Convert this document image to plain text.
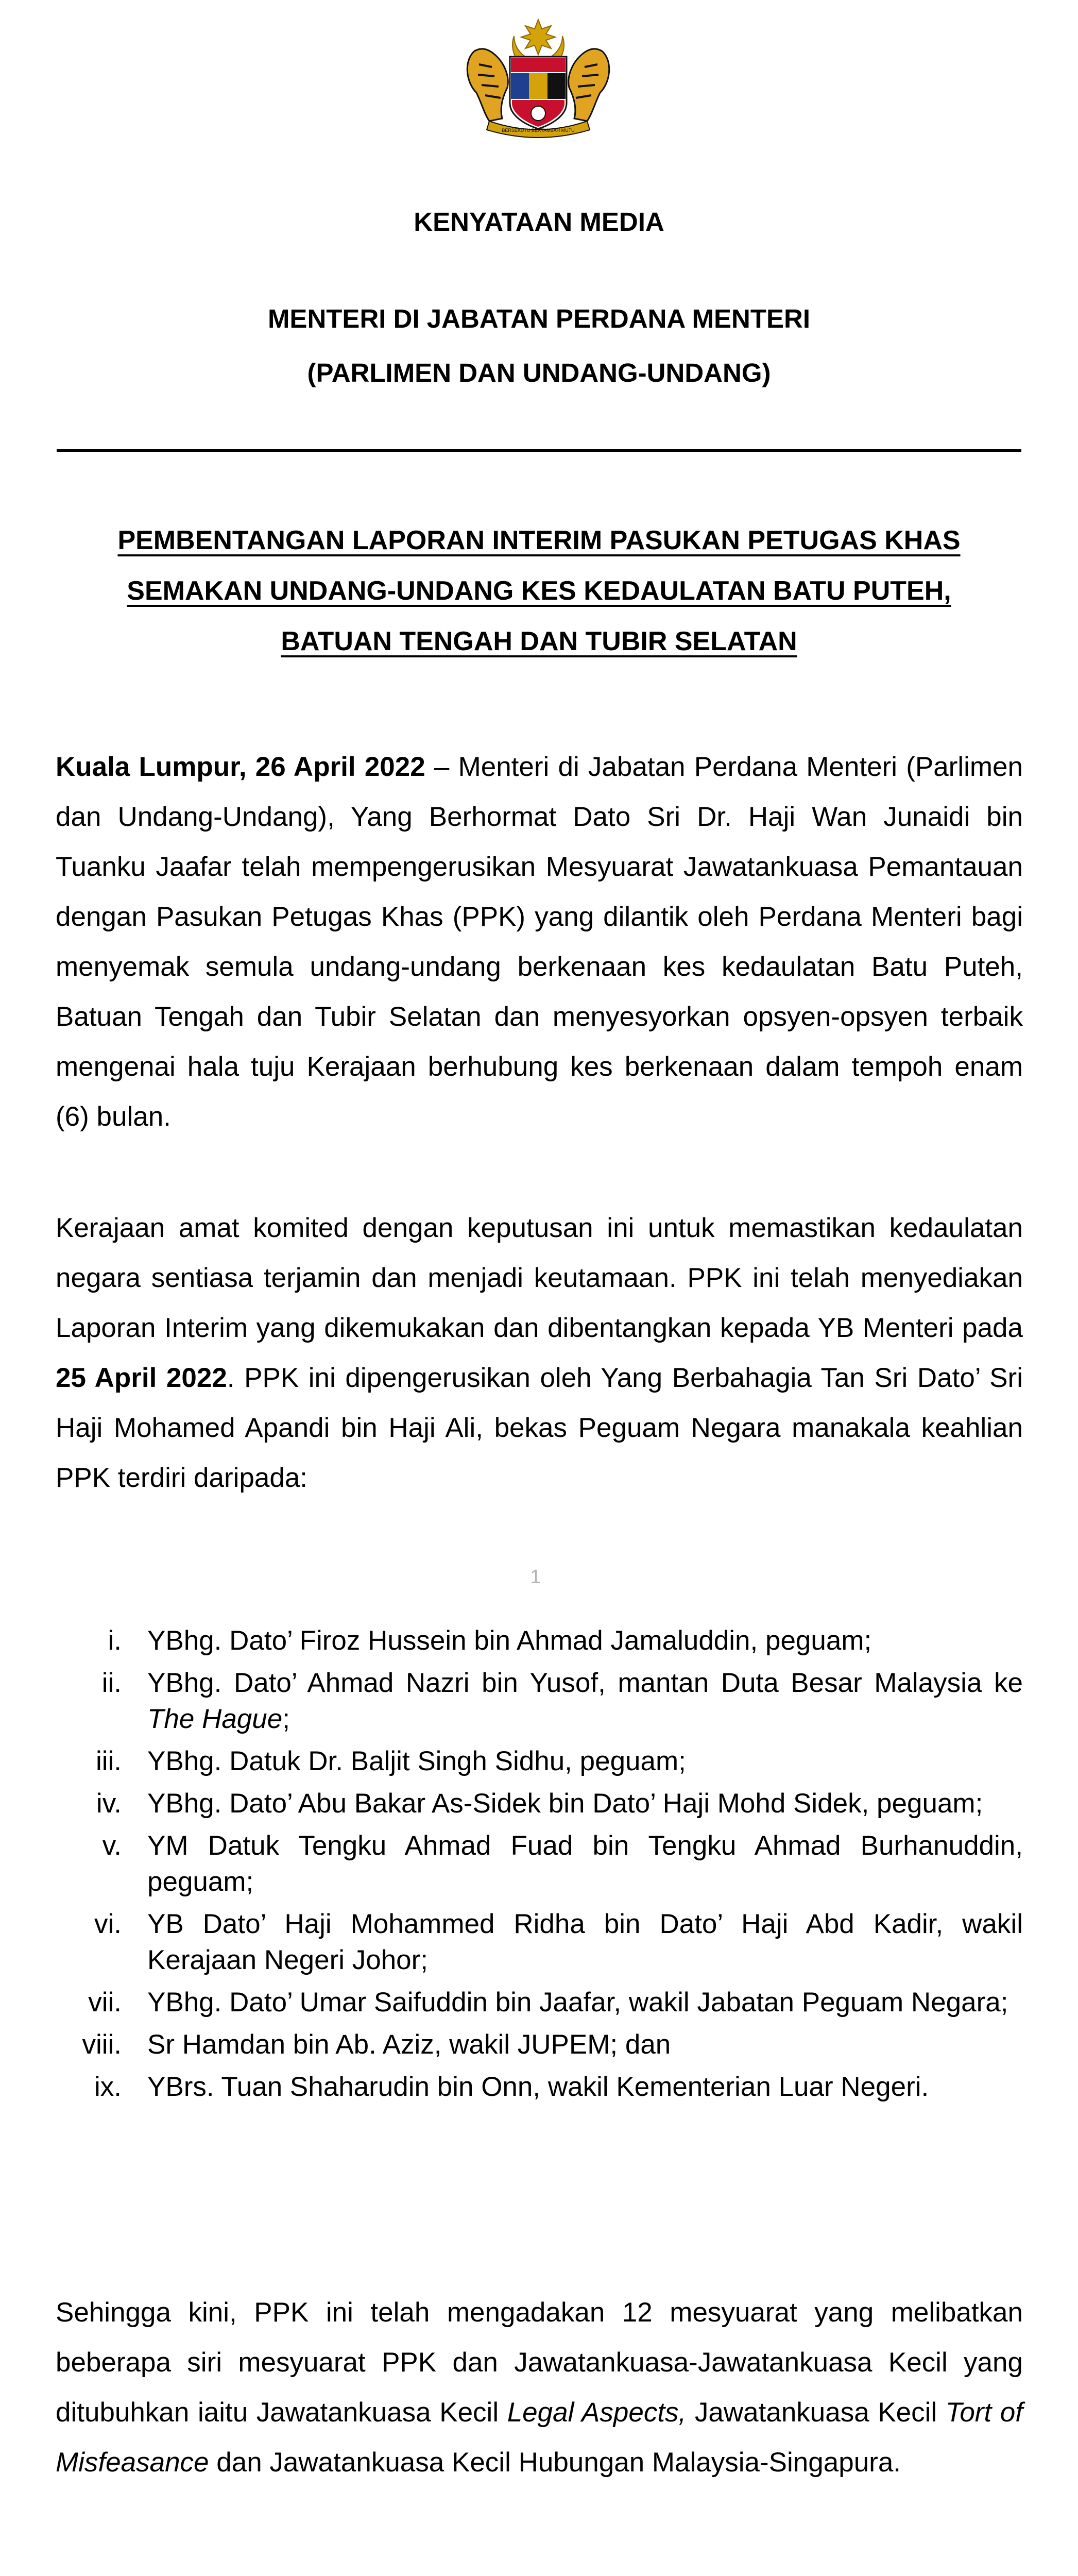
BERSEKUTU BERTAMBAH MUTU
KENYATAAN MEDIA
MENTERI DI JABATAN PERDANA MENTERI
(PARLIMEN DAN UNDANG-UNDANG)
PEMBENTANGAN LAPORAN INTERIM PASUKAN PETUGAS KHAS
SEMAKAN UNDANG-UNDANG KES KEDAULATAN BATU PUTEH,
BATUAN TENGAH DAN TUBIR SELATAN
Kuala Lumpur, 26 April 2022 – Menteri di Jabatan Perdana Menteri (Parlimen dan Undang-Undang), Yang Berhormat Dato Sri Dr. Haji Wan Junaidi bin Tuanku Jaafar telah mempengerusikan Mesyuarat Jawatankuasa Pemantauan dengan Pasukan Petugas Khas (PPK) yang dilantik oleh Perdana Menteri bagi menyemak semula undang-undang berkenaan kes kedaulatan Batu Puteh, Batuan Tengah dan Tubir Selatan dan menyesyorkan opsyen-opsyen terbaik mengenai hala tuju Kerajaan berhubung kes berkenaan dalam tempoh enam (6) bulan.
Kerajaan amat komited dengan keputusan ini untuk memastikan kedaulatan negara sentiasa terjamin dan menjadi keutamaan. PPK ini telah menyediakan Laporan Interim yang dikemukakan dan dibentangkan kepada YB Menteri pada 25 April 2022. PPK ini dipengerusikan oleh Yang Berbahagia Tan Sri Dato’ Sri Haji Mohamed Apandi bin Haji Ali, bekas Peguam Negara manakala keahlian PPK terdiri daripada:
1
i. YBhg. Dato’ Firoz Hussein bin Ahmad Jamaluddin, peguam;
ii. YBhg. Dato’ Ahmad Nazri bin Yusof, mantan Duta Besar Malaysia ke The Hague;
iii. YBhg. Datuk Dr. Baljit Singh Sidhu, peguam;
iv. YBhg. Dato’ Abu Bakar As-Sidek bin Dato’ Haji Mohd Sidek, peguam;
v. YM Datuk Tengku Ahmad Fuad bin Tengku Ahmad Burhanuddin, peguam;
vi. YB Dato’ Haji Mohammed Ridha bin Dato’ Haji Abd Kadir, wakil Kerajaan Negeri Johor;
vii. YBhg. Dato’ Umar Saifuddin bin Jaafar, wakil Jabatan Peguam Negara;
viii. Sr Hamdan bin Ab. Aziz, wakil JUPEM; dan
ix. YBrs. Tuan Shaharudin bin Onn, wakil Kementerian Luar Negeri.
Sehingga kini, PPK ini telah mengadakan 12 mesyuarat yang melibatkan beberapa siri mesyuarat PPK dan Jawatankuasa-Jawatankuasa Kecil yang ditubuhkan iaitu Jawatankuasa Kecil Legal Aspects, Jawatankuasa Kecil Tort of Misfeasance dan Jawatankuasa Kecil Hubungan Malaysia-Singapura.
